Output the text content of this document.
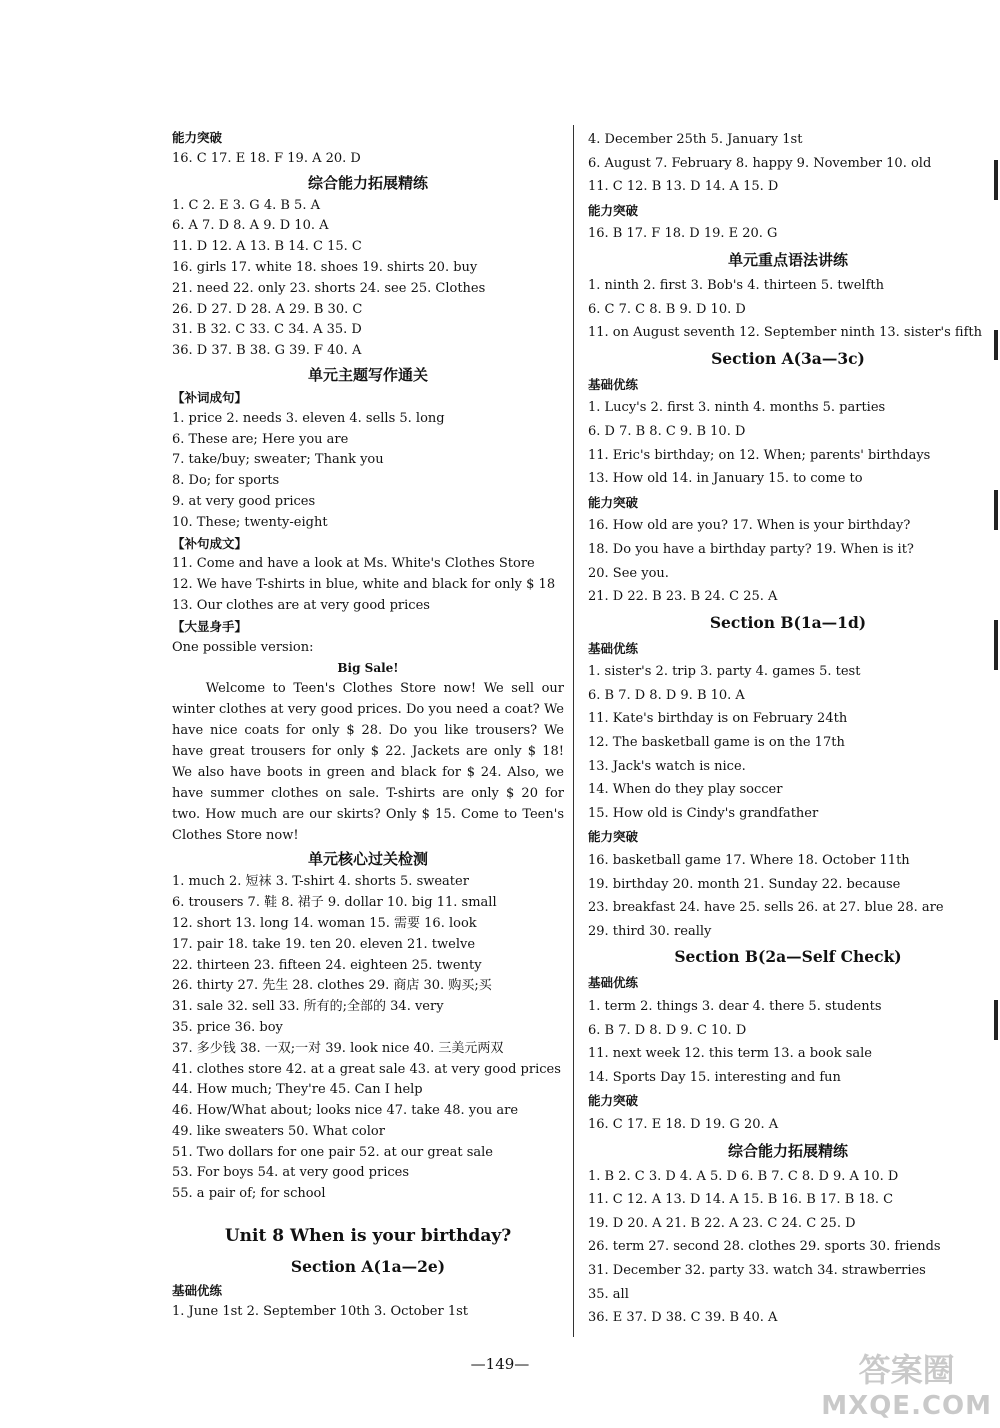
能力突破
16. C 17. E 18. F 19. A 20. D
综合能力拓展精练
1. C 2. E 3. G 4. B 5. A
6. A 7. D 8. A 9. D 10. A
11. D 12. A 13. B 14. C 15. C
16. girls 17. white 18. shoes 19. shirts 20. buy
21. need 22. only 23. shorts 24. see 25. Clothes
26. D 27. D 28. A 29. B 30. C
31. B 32. C 33. C 34. A 35. D
36. D 37. B 38. G 39. F 40. A
单元主题写作通关
【补词成句】
1. price 2. needs 3. eleven 4. sells 5. long
6. These are; Here you are
7. take/buy; sweater; Thank you
8. Do; for sports
9. at very good prices
10. These; twenty-eight
【补句成文】
11. Come and have a look at Ms. White's Clothes Store
12. We have T-shirts in blue, white and black for only $ 18
13. Our clothes are at very good prices
【大显身手】
One possible version:
Big Sale!
Welcome to Teen's Clothes Store now! We sell our winter clothes at very good prices. Do you need a coat? We have nice coats for only $ 28. Do you like trousers? We have great trousers for only $ 22. Jackets are only $ 18! We also have boots in green and black for $ 24. Also, we have summer clothes on sale. T-shirts are only $ 20 for two. How much are our skirts? Only $ 15. Come to Teen's Clothes Store now!
单元核心过关检测
1. much 2. 短袜 3. T-shirt 4. shorts 5. sweater
6. trousers 7. 鞋 8. 裙子 9. dollar 10. big 11. small
12. short 13. long 14. woman 15. 需要 16. look
17. pair 18. take 19. ten 20. eleven 21. twelve
22. thirteen 23. fifteen 24. eighteen 25. twenty
26. thirty 27. 先生 28. clothes 29. 商店 30. 购买;买
31. sale 32. sell 33. 所有的;全部的 34. very
35. price 36. boy
37. 多少钱 38. 一双;一对 39. look nice 40. 三美元两双
41. clothes store 42. at a great sale 43. at very good prices
44. How much; They're 45. Can I help
46. How/What about; looks nice 47. take 48. you are
49. like sweaters 50. What color
51. Two dollars for one pair 52. at our great sale
53. For boys 54. at very good prices
55. a pair of; for school
Unit 8 When is your birthday?
Section A(1a—2e)
基础优练
1. June 1st 2. September 10th 3. October 1st
4. December 25th 5. January 1st
6. August 7. February 8. happy 9. November 10. old
11. C 12. B 13. D 14. A 15. D
能力突破
16. B 17. F 18. D 19. E 20. G
单元重点语法讲练
1. ninth 2. first 3. Bob's 4. thirteen 5. twelfth
6. C 7. C 8. B 9. D 10. D
11. on August seventh 12. September ninth 13. sister's fifth
Section A(3a—3c)
基础优练
1. Lucy's 2. first 3. ninth 4. months 5. parties
6. D 7. B 8. C 9. B 10. D
11. Eric's birthday; on 12. When; parents' birthdays
13. How old 14. in January 15. to come to
能力突破
16. How old are you? 17. When is your birthday?
18. Do you have a birthday party? 19. When is it?
20. See you.
21. D 22. B 23. B 24. C 25. A
Section B(1a—1d)
基础优练
1. sister's 2. trip 3. party 4. games 5. test
6. B 7. D 8. D 9. B 10. A
11. Kate's birthday is on February 24th
12. The basketball game is on the 17th
13. Jack's watch is nice.
14. When do they play soccer
15. How old is Cindy's grandfather
能力突破
16. basketball game 17. Where 18. October 11th
19. birthday 20. month 21. Sunday 22. because
23. breakfast 24. have 25. sells 26. at 27. blue 28. are
29. third 30. really
Section B(2a—Self Check)
基础优练
1. term 2. things 3. dear 4. there 5. students
6. B 7. D 8. D 9. C 10. D
11. next week 12. this term 13. a book sale
14. Sports Day 15. interesting and fun
能力突破
16. C 17. E 18. D 19. G 20. A
综合能力拓展精练
1. B 2. C 3. D 4. A 5. D 6. B 7. C 8. D 9. A 10. D
11. C 12. A 13. D 14. A 15. B 16. B 17. B 18. C
19. D 20. A 21. B 22. A 23. C 24. C 25. D
26. term 27. second 28. clothes 29. sports 30. friends
31. December 32. party 33. watch 34. strawberries
35. all
36. E 37. D 38. C 39. B 40. A
—149—	答案圈
MXQE.COM
